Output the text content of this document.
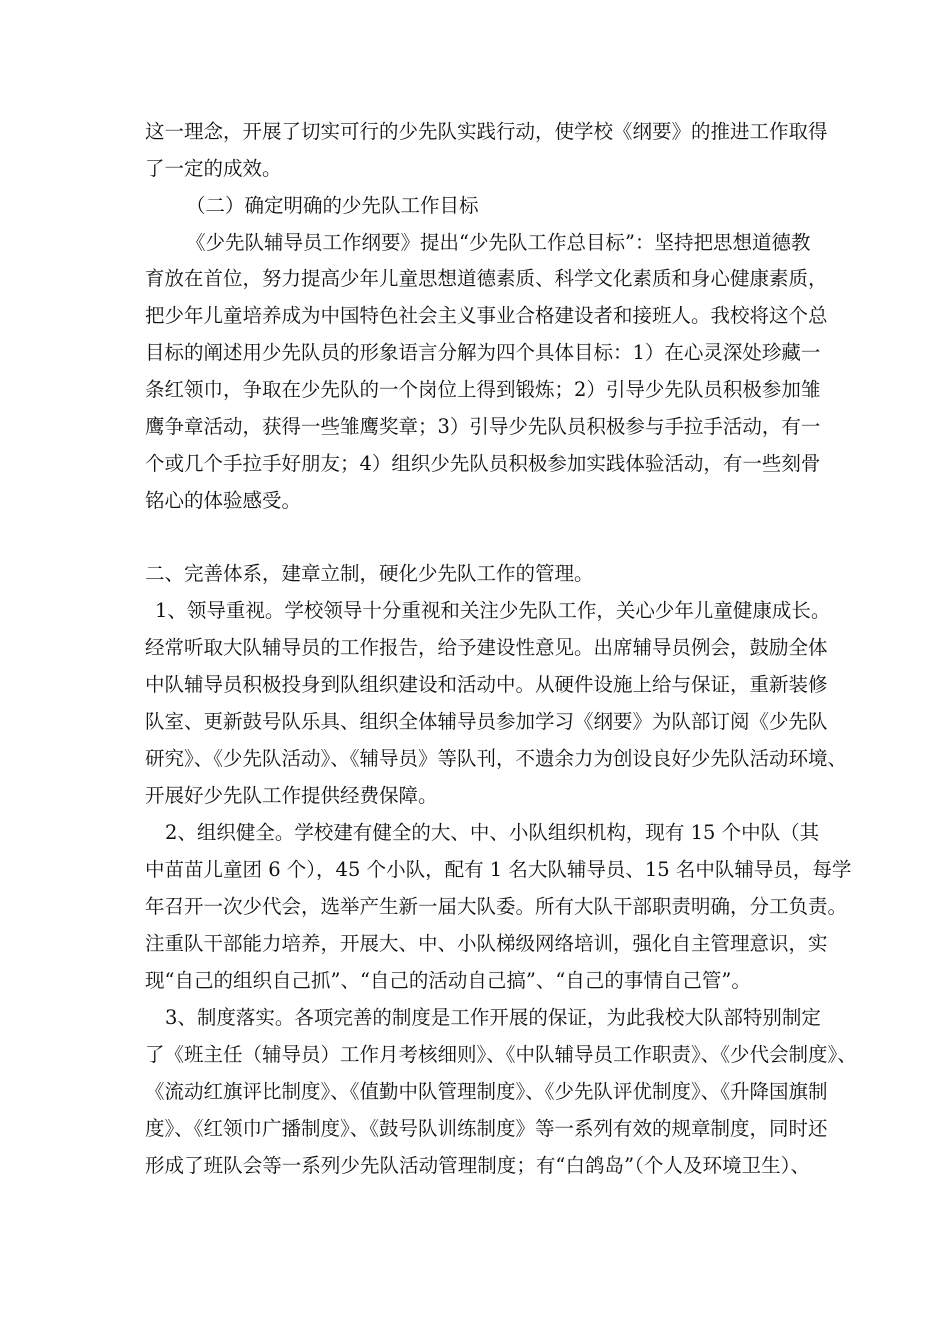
这一理念，开展了切实可行的少先队实践行动，使学校《纲要》的推进工作取得
了一定的成效。
（二）确定明确的少先队工作目标
《少先队辅导员工作纲要》提出“少先队工作总目标”：坚持把思想道德教
育放在首位，努力提高少年儿童思想道德素质、科学文化素质和身心健康素质，
把少年儿童培养成为中国特色社会主义事业合格建设者和接班人。我校将这个总
目标的阐述用少先队员的形象语言分解为四个具体目标：1）在心灵深处珍藏一
条红领巾，争取在少先队的一个岗位上得到锻炼；2）引导少先队员积极参加雏
鹰争章活动，获得一些雏鹰奖章；3）引导少先队员积极参与手拉手活动，有一
个或几个手拉手好朋友；4）组织少先队员积极参加实践体验活动，有一些刻骨
铭心的体验感受。
二、完善体系，建章立制，硬化少先队工作的管理。
1、领导重视。学校领导十分重视和关注少先队工作，关心少年儿童健康成长。
经常听取大队辅导员的工作报告，给予建设性意见。出席辅导员例会，鼓励全体
中队辅导员积极投身到队组织建设和活动中。从硬件设施上给与保证，重新装修
队室、更新鼓号队乐具、组织全体辅导员参加学习《纲要》为队部订阅《少先队
研究》、《少先队活动》、《辅导员》等队刊，不遗余力为创设良好少先队活动环境、
开展好少先队工作提供经费保障。
2、组织健全。学校建有健全的大、中、小队组织机构，现有 15 个中队（其
中苗苗儿童团 6 个），45 个小队，配有 1 名大队辅导员、15 名中队辅导员，每学
年召开一次少代会，选举产生新一届大队委。所有大队干部职责明确，分工负责。
注重队干部能力培养，开展大、中、小队梯级网络培训，强化自主管理意识，实
现“自己的组织自己抓”、“自己的活动自己搞”、“自己的事情自己管”。
3、制度落实。各项完善的制度是工作开展的保证，为此我校大队部特别制定
了《班主任（辅导员）工作月考核细则》、《中队辅导员工作职责》、《少代会制度》、
《流动红旗评比制度》、《值勤中队管理制度》、《少先队评优制度》、《升降国旗制
度》、《红领巾广播制度》、《鼓号队训练制度》等一系列有效的规章制度，同时还
形成了班队会等一系列少先队活动管理制度；有“白鸽岛”（个人及环境卫生）、
